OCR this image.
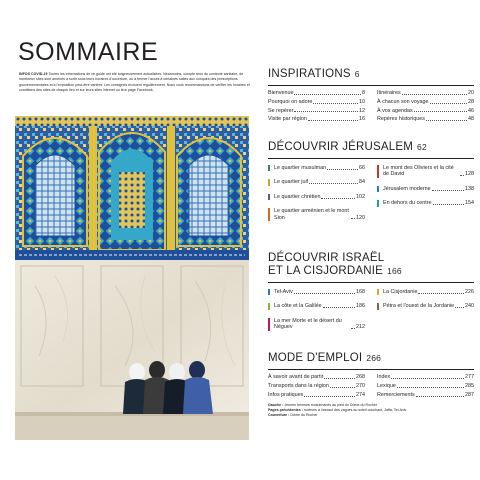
SOMMAIRE
INFOS COVID-19 Toutes les informations de ce guide ont été soigneusement actualisées. Néanmoins, compte tenu du contexte sanitaire, de nombreux sites sont amenés à sortir sous leurs horaires d'ouverture, ou à fermer l'accès à certaines salles aux conques des prescriptions gouvernementales et à l'exposition peut-être variées. Les consignes évoluent régulièrement. Nous vous recommandons de vérifier les horaires et conditions des sites de chaque lieu et sur leurs sites internet ou leur page Facebook.
INSPIRATIONS 6
Bienvenue	8
Pourquoi on adore	10
Se repérer	12
Visite par région	16
Itinéraires	20
À chacun son voyage	28
À vos agendas	46
Repères historiques	48
DÉCOUVRIR JÉRUSALEM 62
Le quartier musulman	66
Le quartier juif	84
Le quartier chrétien	102
Le quartier arménien et le mont Sion	120
Le mont des Oliviers et la cité de David	128
Jérusalem moderne	138
En dehors du centre	154
DÉCOUVRIR ISRAËL
ET LA CISJORDANIE 166
Tel-Aviv	168
La côte et la Galilée	186
La mer Morte et le désert du Néguev	212
La Cisjordanie	226
Pétra et l'ouest de la Jordanie 240
MODE D'EMPLOI 266
À savoir avant de partir	268
Transports dans la région	270
Infos pratiques	274
Index	277
Lexique	285
Remerciements	287
Gauche : Jeunes femmes musulmanes au pied du Dôme du Rocher
Pages précédentes : surfeurs à l'assaut des vagues au soleil couchant, Jaffa, Tel-Aviv
Couverture : Dôme du Rocher
